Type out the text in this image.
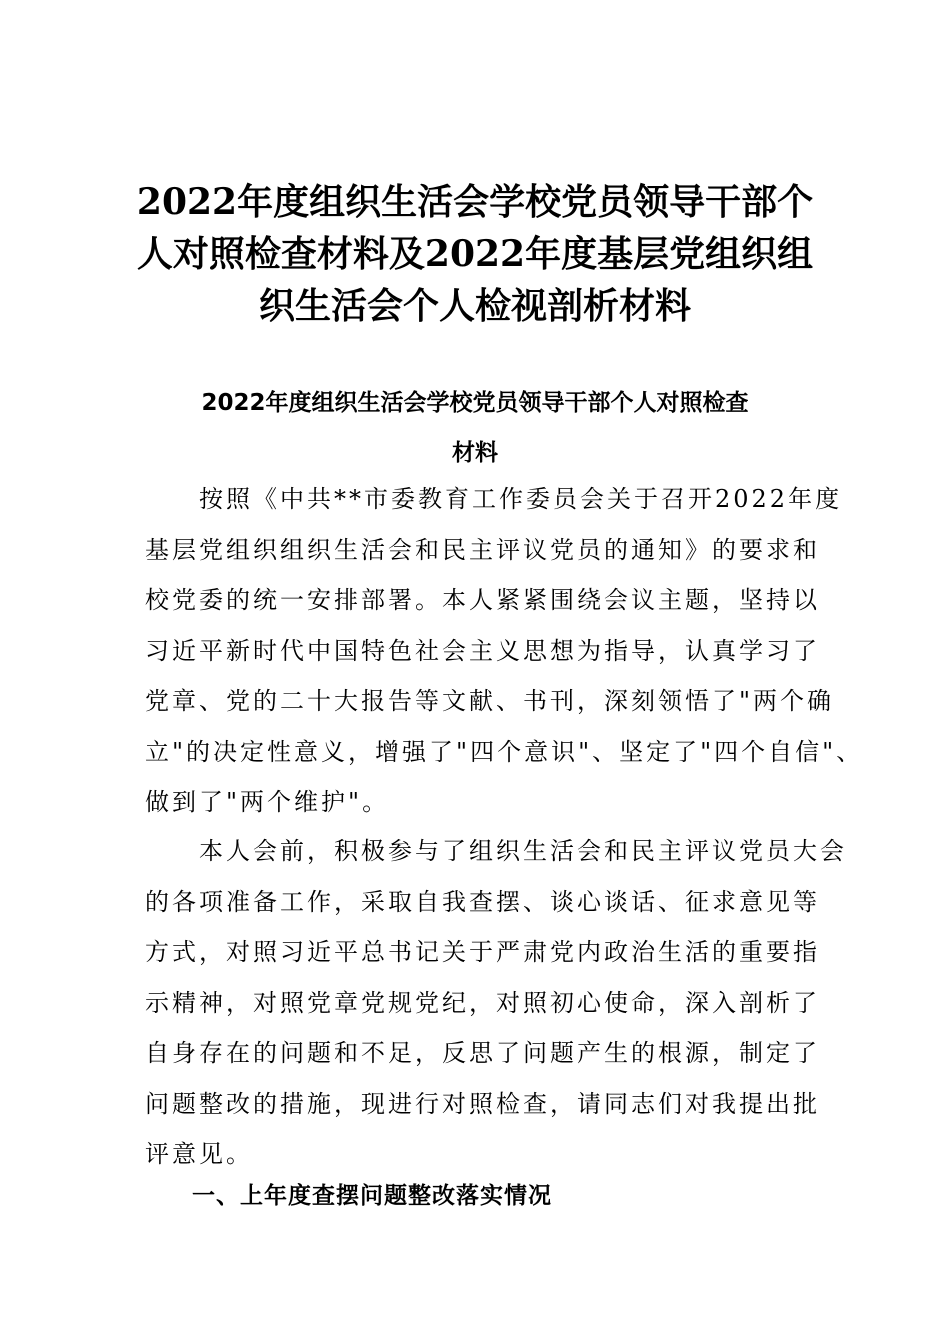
2022年度组织生活会学校党员领导干部个
人对照检查材料及2022年度基层党组织组
织生活会个人检视剖析材料
2022年度组织生活会学校党员领导干部个人对照检查
材料

　　按照《中共**市委教育工作委员会关于召开2022年度
基层党组织组织生活会和民主评议党员的通知》的要求和
校党委的统一安排部署。本人紧紧围绕会议主题，坚持以
习近平新时代中国特色社会主义思想为指导，认真学习了
党章、党的二十大报告等文献、书刊，深刻领悟了"两个确
立"的决定性意义，增强了"四个意识"、坚定了"四个自信"、
做到了"两个维护"。

　　本人会前，积极参与了组织生活会和民主评议党员大会
的各项准备工作，采取自我查摆、谈心谈话、征求意见等
方式，对照习近平总书记关于严肃党内政治生活的重要指
示精神，对照党章党规党纪，对照初心使命，深入剖析了
自身存在的问题和不足，反思了问题产生的根源，制定了
问题整改的措施，现进行对照检查，请同志们对我提出批
评意见。

一、上年度查摆问题整改落实情况
